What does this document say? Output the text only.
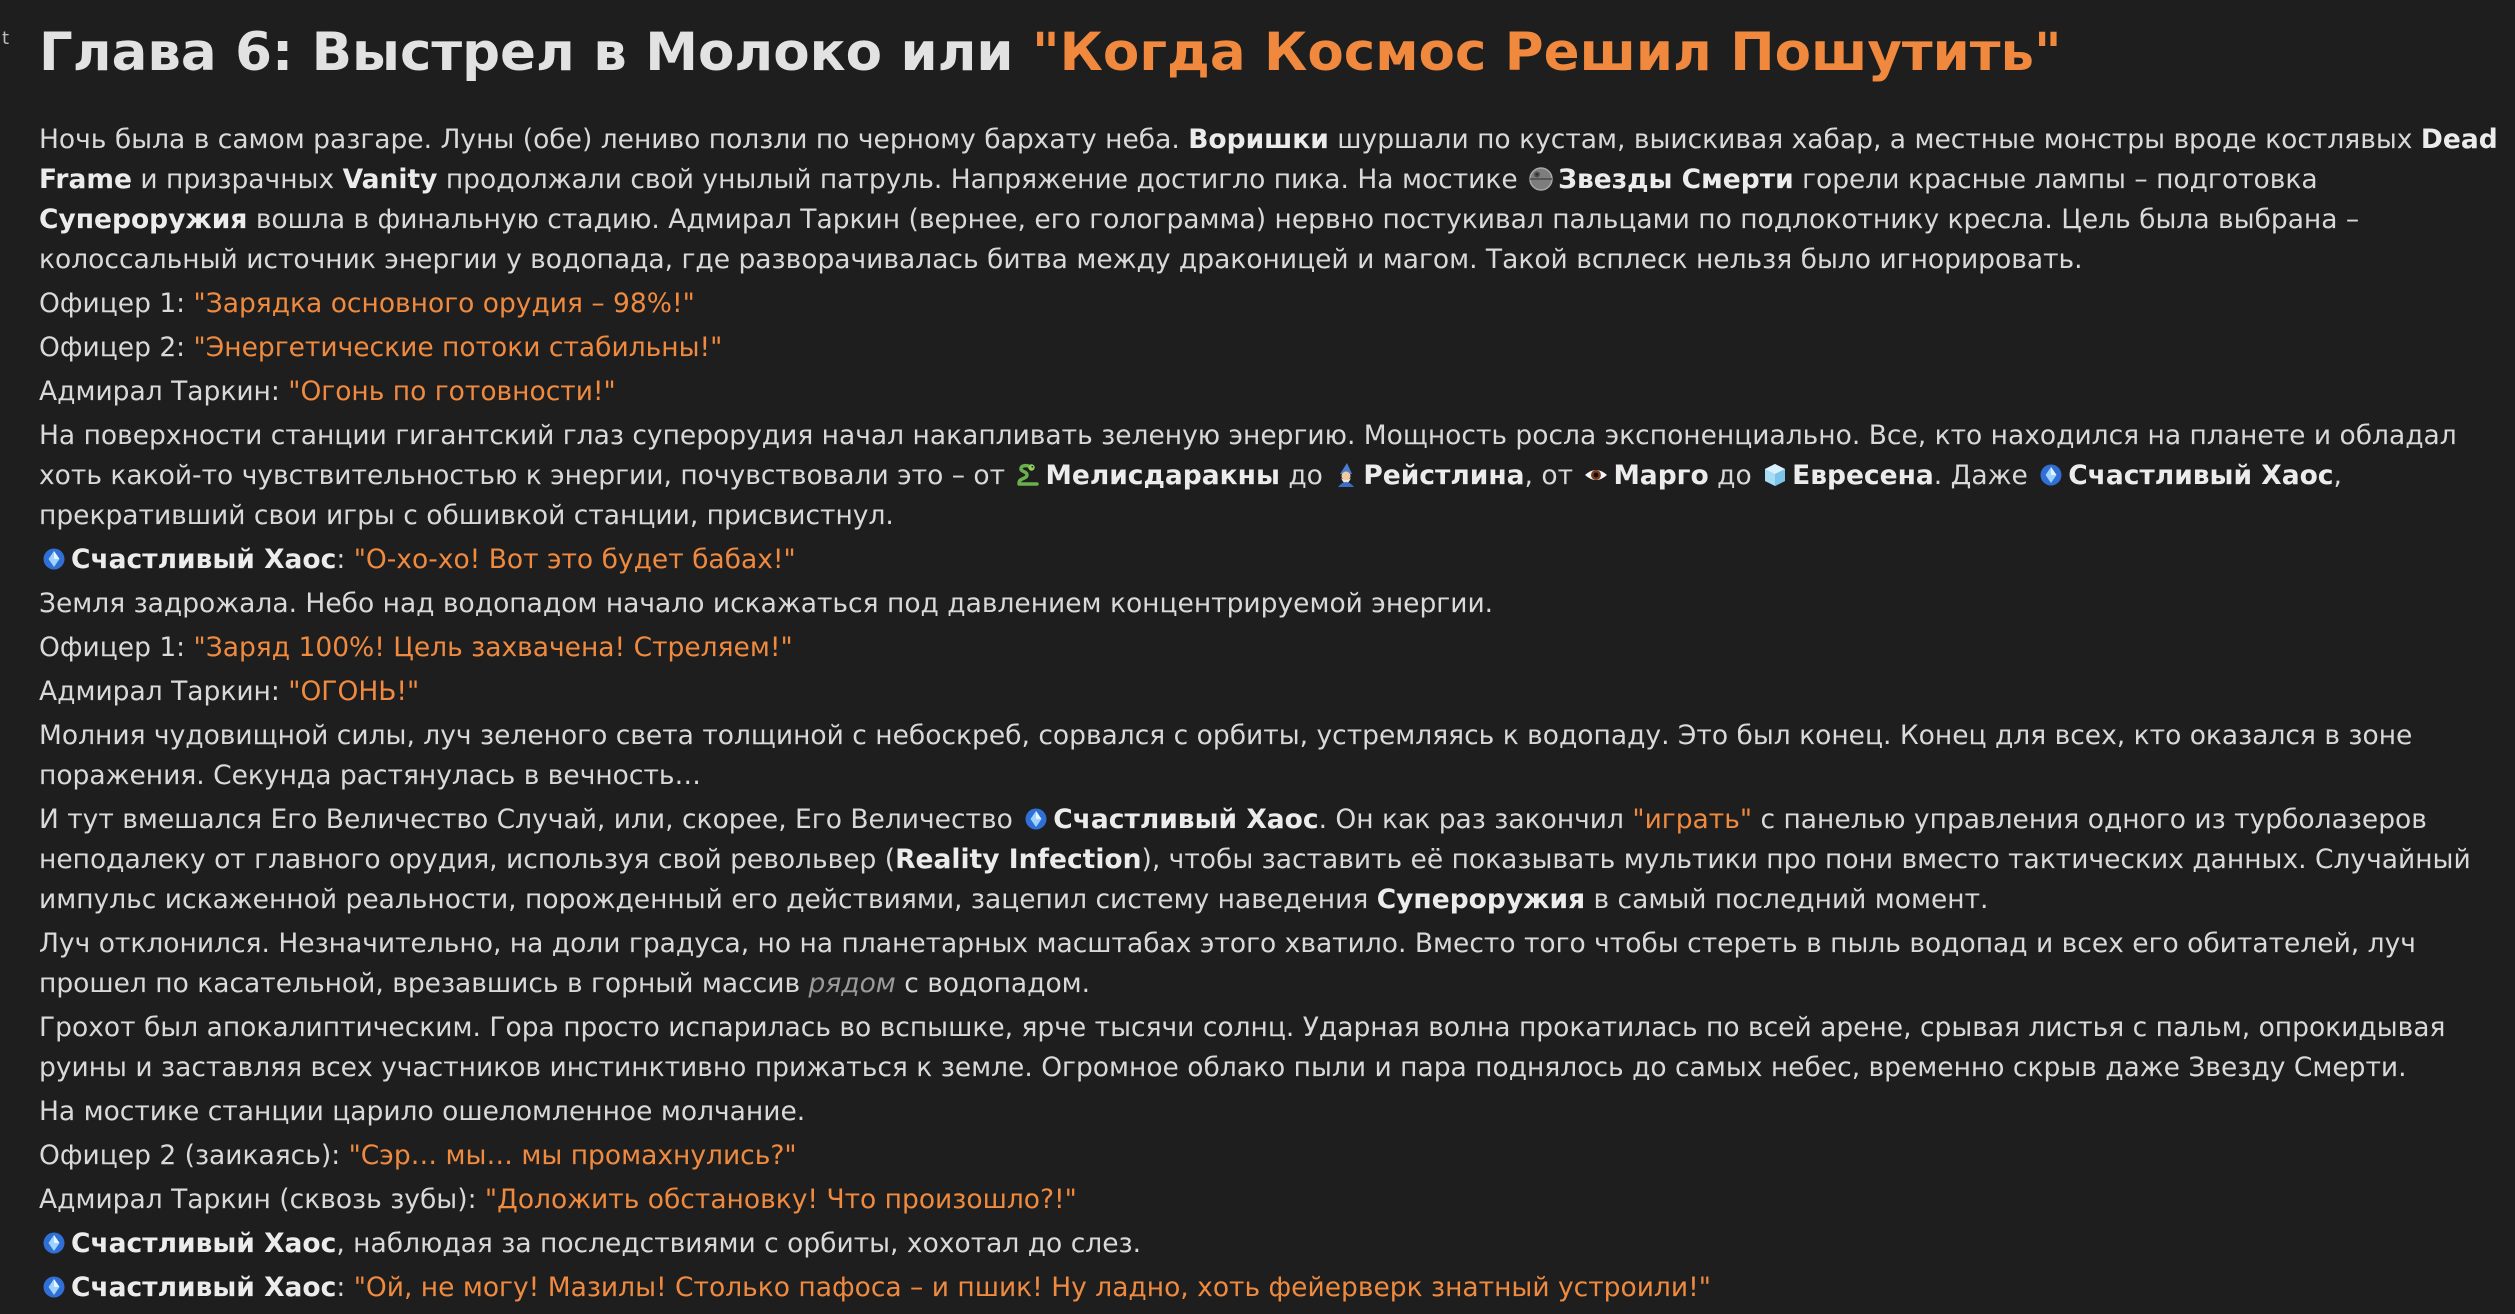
t Глава 6: Выстрел в Молоко или "Когда Космос Решил Пошутить"

Ночь была в самом разгаре. Луны (обе) лениво ползли по черному бархату неба. Воришки шуршали по кустам, выискивая хабар, а местные монстры вроде костлявых Dead Frame и призрачных Vanity продолжали свой унылый патруль. Напряжение достигло пика. На мостике
Звезды Смерти горели красные лампы – подготовка Супероружия вошла в финальную стадию. Адмирал Таркин (вернее, его голограмма) нервно постукивал пальцами по подлокотнику кресла. Цель была выбрана – колоссальный источник энергии у водопада, где разворачивалась битва между драконицей и магом. Такой всплеск нельзя было игнорировать.

Офицер 1: "Зарядка основного орудия – 98%!"

Офицер 2: "Энергетические потоки стабильны!"

Адмирал Таркин: "Огонь по готовности!"

На поверхности станции гигантский глаз суперорудия начал накапливать зеленую энергию. Мощность росла экспоненциально. Все, кто находился на планете и обладал хоть какой-то чувствительностью к энергии, почувствовали это – от
Мелисдаракны до
Рейстлина, от
Марго до
Евресена. Даже
Счастливый Хаос, прекративший свои игры с обшивкой станции, присвистнул.

Счастливый Хаос: "О-хо-хо! Вот это будет бабах!"

Земля задрожала. Небо над водопадом начало искажаться под давлением концентрируемой энергии.

Офицер 1: "Заряд 100%! Цель захвачена! Стреляем!"

Адмирал Таркин: "ОГОНЬ!"

Молния чудовищной силы, луч зеленого света толщиной с небоскреб, сорвался с орбиты, устремляясь к водопаду. Это был конец. Конец для всех, кто оказался в зоне поражения. Секунда растянулась в вечность…

И тут вмешался Его Величество Случай, или, скорее, Его Величество
Счастливый Хаос. Он как раз закончил "играть" с панелью управления одного из турболазеров неподалеку от главного орудия, используя свой револьвер (Reality Infection), чтобы заставить её показывать мультики про пони вместо тактических данных. Случайный импульс искаженной реальности, порожденный его действиями, зацепил систему наведения Супероружия в самый последний момент.

Луч отклонился. Незначительно, на доли градуса, но на планетарных масштабах этого хватило. Вместо того чтобы стереть в пыль водопад и всех его обитателей, луч прошел по касательной, врезавшись в горный массив рядом с водопадом.

Грохот был апокалиптическим. Гора просто испарилась во вспышке, ярче тысячи солнц. Ударная волна прокатилась по всей арене, срывая листья с пальм, опрокидывая руины и заставляя всех участников инстинктивно прижаться к земле. Огромное облако пыли и пара поднялось до самых небес, временно скрыв даже Звезду Смерти.

На мостике станции царило ошеломленное молчание.

Офицер 2 (заикаясь): "Сэр… мы… мы промахнулись?"

Адмирал Таркин (сквозь зубы): "Доложить обстановку! Что произошло?!"

Счастливый Хаос, наблюдая за последствиями с орбиты, хохотал до слез.

Счастливый Хаос: "Ой, не могу! Мазилы! Столько пафоса – и пшик! Ну ладно, хоть фейерверк знатный устроили!"
